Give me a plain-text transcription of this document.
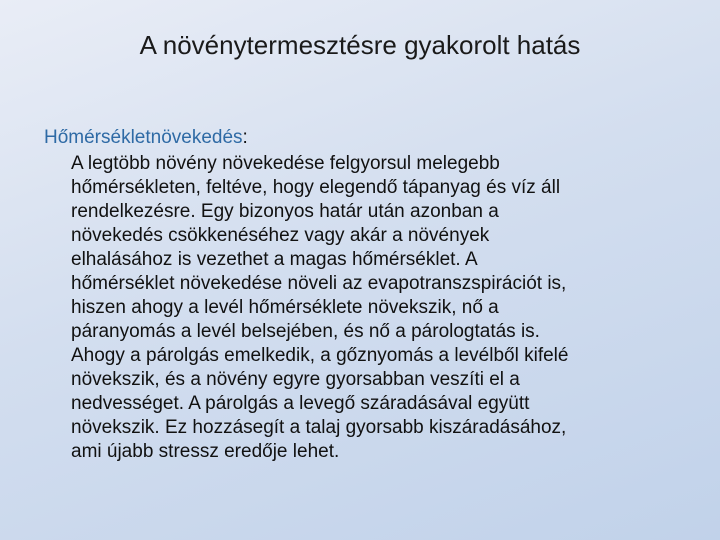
A növénytermesztésre gyakorolt hatás
Hőmérsékletnövekedés:
A legtöbb növény növekedése felgyorsul melegebb
hőmérsékleten, feltéve, hogy elegendő tápanyag és víz áll
rendelkezésre. Egy bizonyos határ után azonban a
növekedés csökkenéséhez vagy akár a növények
elhalásához is vezethet a magas hőmérséklet. A
hőmérséklet növekedése növeli az evapotranszspirációt is,
hiszen ahogy a levél hőmérséklete növekszik, nő a
páranyomás a levél belsejében, és nő a párologtatás is.
Ahogy a párolgás emelkedik, a gőznyomás a levélből kifelé
növekszik, és a növény egyre gyorsabban veszíti el a
nedvességet. A párolgás a levegő száradásával együtt
növekszik. Ez hozzásegít a talaj gyorsabb kiszáradásához,
ami újabb stressz eredője lehet.
